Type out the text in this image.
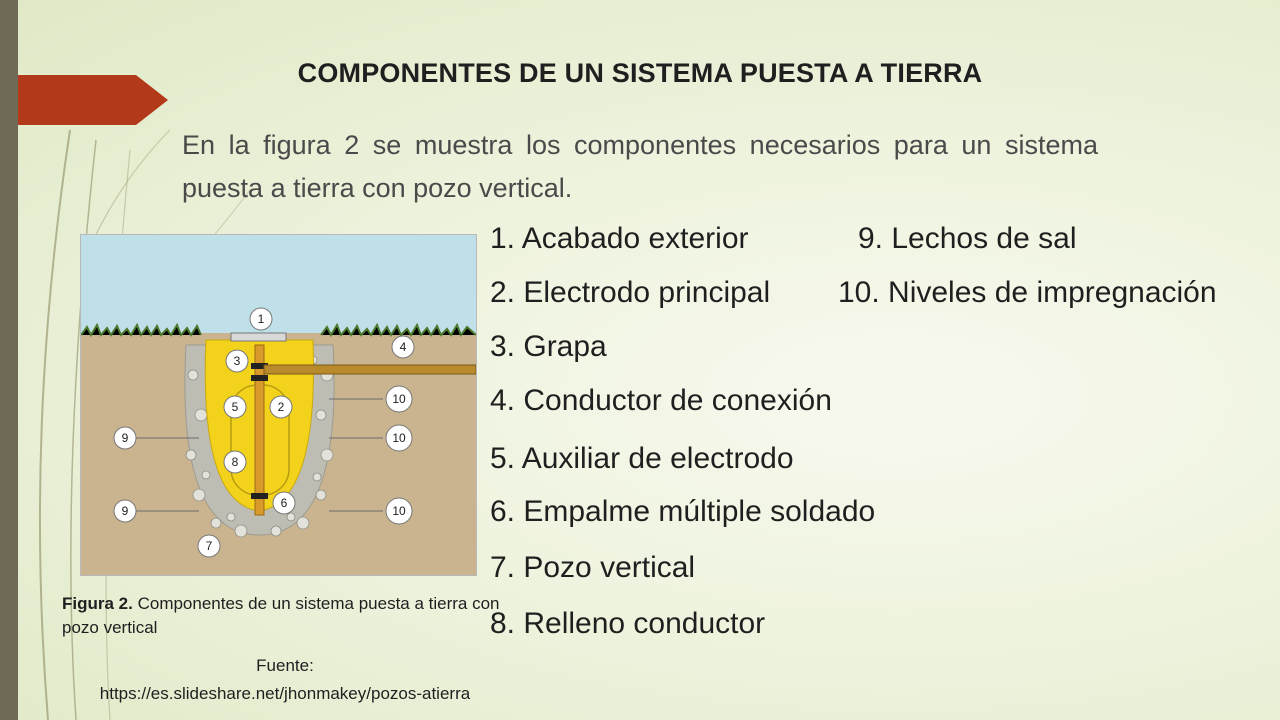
COMPONENTES DE UN SISTEMA PUESTA A TIERRA
En la figura 2 se muestra los componentes necesarios para un sistema puesta a tierra con pozo vertical.
1
2
3
4
5
6
7
8
9
9
10
10
10
1. Acabado exterior
2. Electrodo principal
3. Grapa
4. Conductor de conexión
5. Auxiliar de electrodo
6. Empalme múltiple soldado
7. Pozo vertical
8. Relleno conductor
9. Lechos de sal
10. Niveles de impregnación
Figura 2. Componentes de un sistema puesta a tierra con pozo vertical
Fuente:
https://es.slideshare.net/jhonmakey/pozos-atierra
